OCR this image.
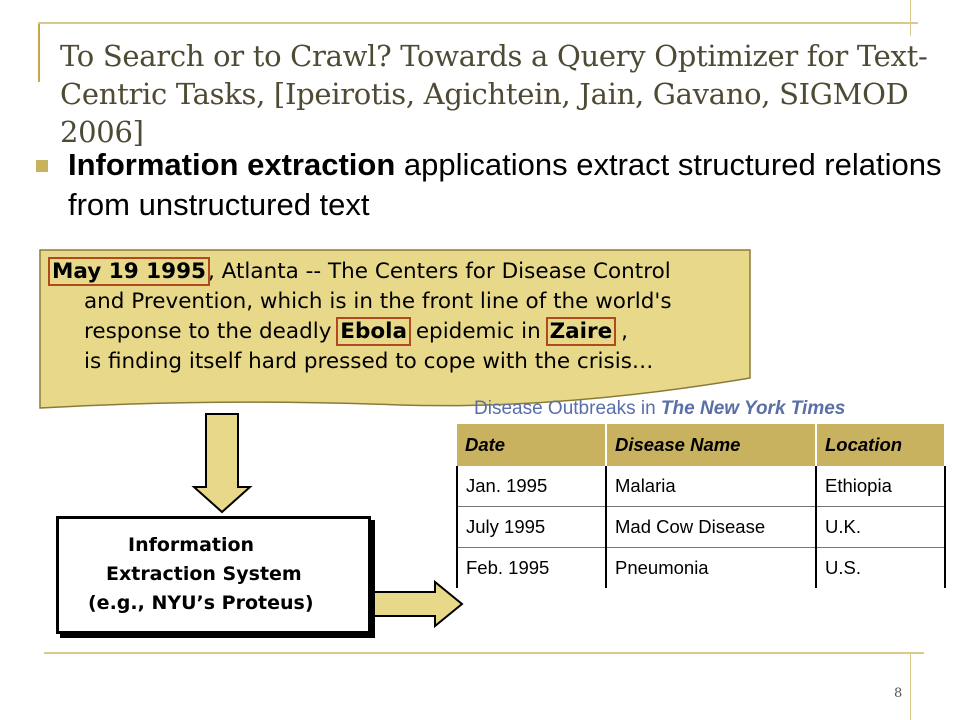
To Search or to Crawl? Towards a Query Optimizer for Text-Centric Tasks, [Ipeirotis, Agichtein, Jain, Gavano, SIGMOD 2006]
Information extraction applications extract structured relations from unstructured text
May 19 1995, Atlanta -- The Centers for Disease Control
and Prevention, which is in the front line of the world's
response to the deadly Ebola epidemic in Zaire ,
is finding itself hard pressed to cope with the crisis…
Information
Extraction System
(e.g., NYU’s Proteus)
Disease Outbreaks in The New York Times
Date	Disease Name	Location
Jan. 1995	Malaria	Ethiopia
July 1995	Mad Cow Disease	U.K.
Feb. 1995	Pneumonia	U.S.
8
